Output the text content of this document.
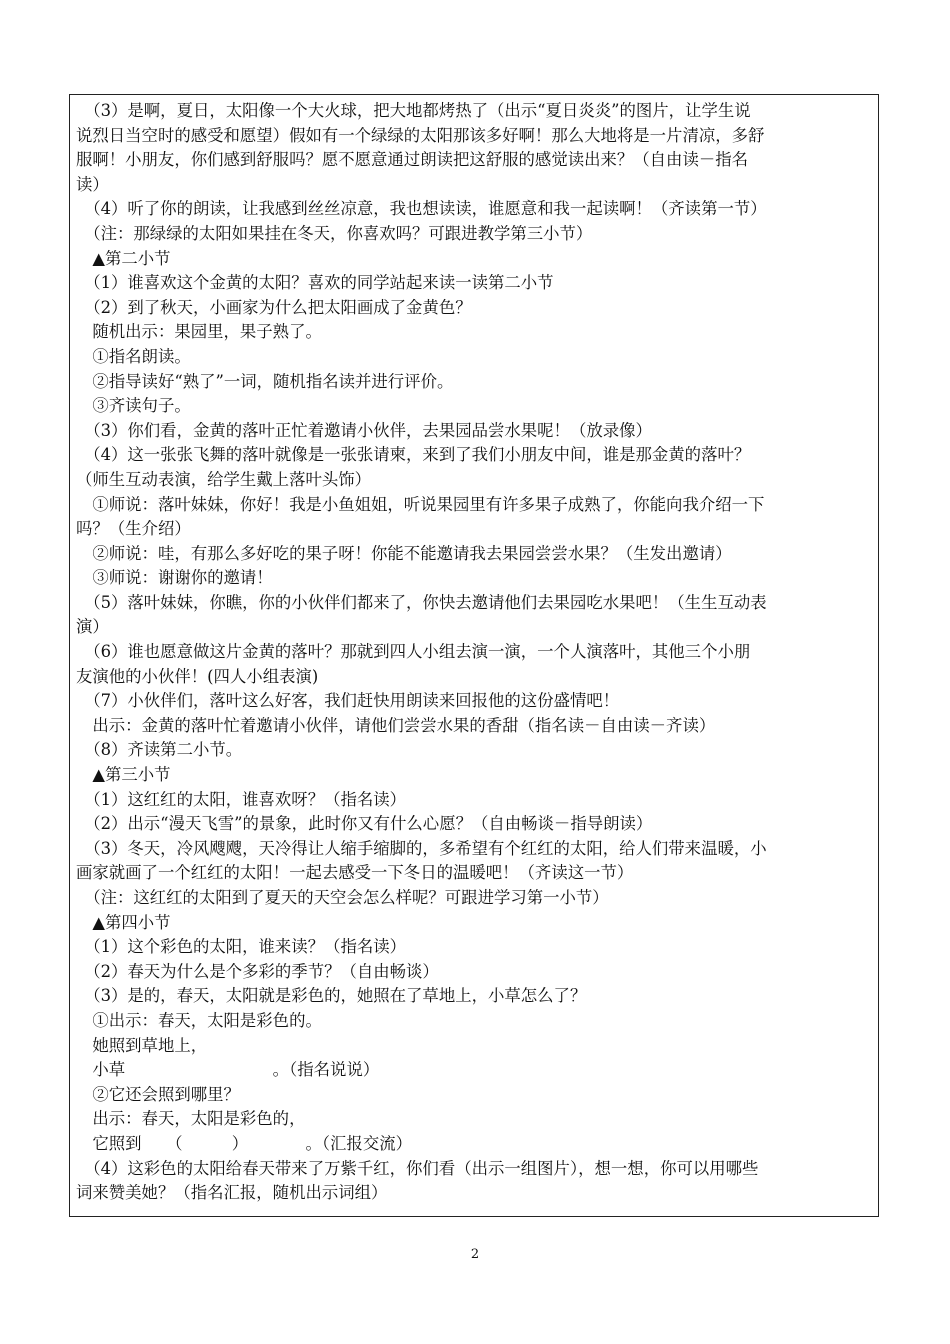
　（3）是啊，夏日，太阳像一个大火球，把大地都烤热了（出示“夏日炎炎”的图片，让学生说
说烈日当空时的感受和愿望）假如有一个绿绿的太阳那该多好啊！那么大地将是一片清凉，多舒
服啊！小朋友，你们感到舒服吗？愿不愿意通过朗读把这舒服的感觉读出来？（自由读－指名
读）
　（4）听了你的朗读，让我感到丝丝凉意，我也想读读，谁愿意和我一起读啊！（齐读第一节）
　（注：那绿绿的太阳如果挂在冬天，你喜欢吗？可跟进教学第三小节）
　▲第二小节
　（1）谁喜欢这个金黄的太阳？喜欢的同学站起来读一读第二小节
　（2）到了秋天，小画家为什么把太阳画成了金黄色？
　随机出示：果园里，果子熟了。
　①指名朗读。
　②指导读好“熟了”一词，随机指名读并进行评价。
　③齐读句子。
　（3）你们看，金黄的落叶正忙着邀请小伙伴，去果园品尝水果呢！（放录像）
　（4）这一张张飞舞的落叶就像是一张张请柬，来到了我们小朋友中间，谁是那金黄的落叶？
（师生互动表演，给学生戴上落叶头饰）
　①师说：落叶妹妹，你好！我是小鱼姐姐，听说果园里有许多果子成熟了，你能向我介绍一下
吗？（生介绍）
　②师说：哇，有那么多好吃的果子呀！你能不能邀请我去果园尝尝水果？（生发出邀请）
　③师说：谢谢你的邀请！
　（5）落叶妹妹，你瞧，你的小伙伴们都来了，你快去邀请他们去果园吃水果吧！（生生互动表
演）
　（6）谁也愿意做这片金黄的落叶？那就到四人小组去演一演，一个人演落叶，其他三个小朋
友演他的小伙伴！(四人小组表演)
　（7）小伙伴们，落叶这么好客，我们赶快用朗读来回报他的这份盛情吧！
　出示：金黄的落叶忙着邀请小伙伴，请他们尝尝水果的香甜（指名读－自由读－齐读）
　（8）齐读第二小节。
　▲第三小节
　（1）这红红的太阳，谁喜欢呀？（指名读）
　（2）出示“漫天飞雪”的景象，此时你又有什么心愿？（自由畅谈－指导朗读）
　（3）冬天，冷风飕飕，天冷得让人缩手缩脚的，多希望有个红红的太阳，给人们带来温暖，小
画家就画了一个红红的太阳！一起去感受一下冬日的温暖吧！（齐读这一节）
　（注：这红红的太阳到了夏天的天空会怎么样呢？可跟进学习第一小节）
　▲第四小节
　（1）这个彩色的太阳，谁来读？（指名读）
　（2）春天为什么是个多彩的季节？（自由畅谈）
　（3）是的，春天，太阳就是彩色的，她照在了草地上，小草怎么了？
　①出示：春天，太阳是彩色的。
　她照到草地上，
　小草　　　　　　　　　。（指名说说）
　②它还会照到哪里？
　出示：春天，太阳是彩色的，
　它照到　　（　　　）　　　　。（汇报交流）
　（4）这彩色的太阳给春天带来了万紫千红，你们看（出示一组图片），想一想，你可以用哪些
词来赞美她？（指名汇报，随机出示词组）
2
